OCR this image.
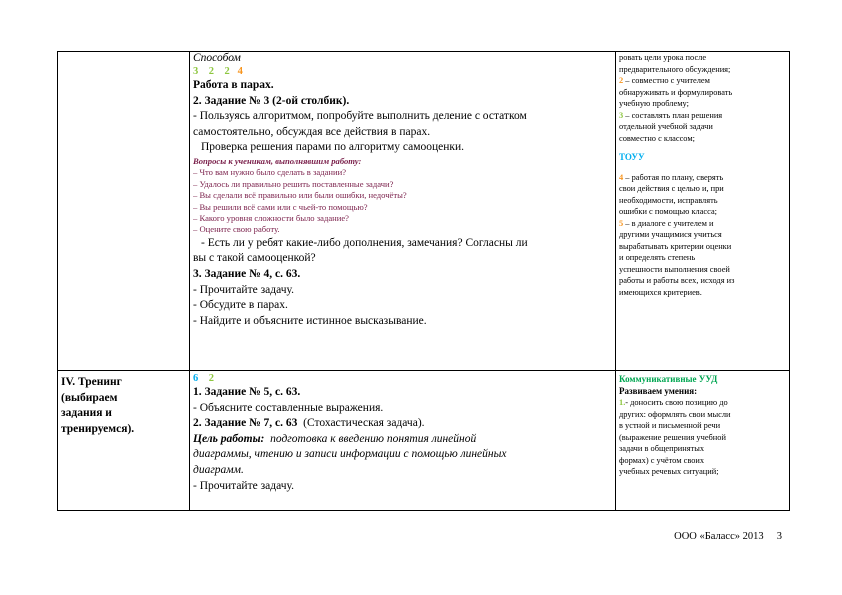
IV. Тренинг
(выбираем
задания и
тренируемся).
Способом
3 2 2 4
Работа в парах.
2. Задание № 3 (2-ой столбик).
- Пользуясь алгоритмом, попробуйте выполнить деление с остатком
самостоятельно, обсуждая все действия в парах.
Проверка решения парами по алгоритму самооценки.
Вопросы к ученикам, выполнявшим работу:
– Что вам нужно было сделать в задании?
– Удалось ли правильно решить поставленные задачи?
– Вы сделали всё правильно или были ошибки, недочёты?
– Вы решили всё сами или с чьей-то помощью?
– Какого уровня сложности было задание?
– Оцените свою работу.
- Есть ли у ребят какие-либо дополнения, замечания? Согласны ли
вы с такой самооценкой?
3. Задание № 4, с. 63.
- Прочитайте задачу.
- Обсудите в парах.
- Найдите и объясните истинное высказывание.
6 2
1. Задание № 5, с. 63.
- Объясните составленные выражения.
2. Задание № 7, с. 63 (Стохастическая задача).
Цель работы: подготовка к введению понятия линейной
диаграммы, чтению и записи информации с помощью линейных
диаграмм.
- Прочитайте задачу.
ровать цели урока после
предварительного обсуждения;
2 – совместно с учителем
обнаруживать и формулировать
учебную проблему;
3 – составлять план решения
отдельной учебной задачи
совместно с классом;
ТОУУ
4 – работая по плану, сверять
свои действия с целью и, при
необходимости, исправлять
ошибки с помощью класса;
5 – в диалоге с учителем и
другими учащимися учиться
вырабатывать критерии оценки
и определять степень
успешности выполнения своей
работы и работы всех, исходя из
имеющихся критериев.
Коммуникативные УУД
Развиваем умения:
1.- доносить свою позицию до
других: оформлять свои мысли
в устной и письменной речи
(выражение решения учебной
задачи в общепринятых
формах) с учётом своих
учебных речевых ситуаций;
ООО «Баласс» 2013 3
